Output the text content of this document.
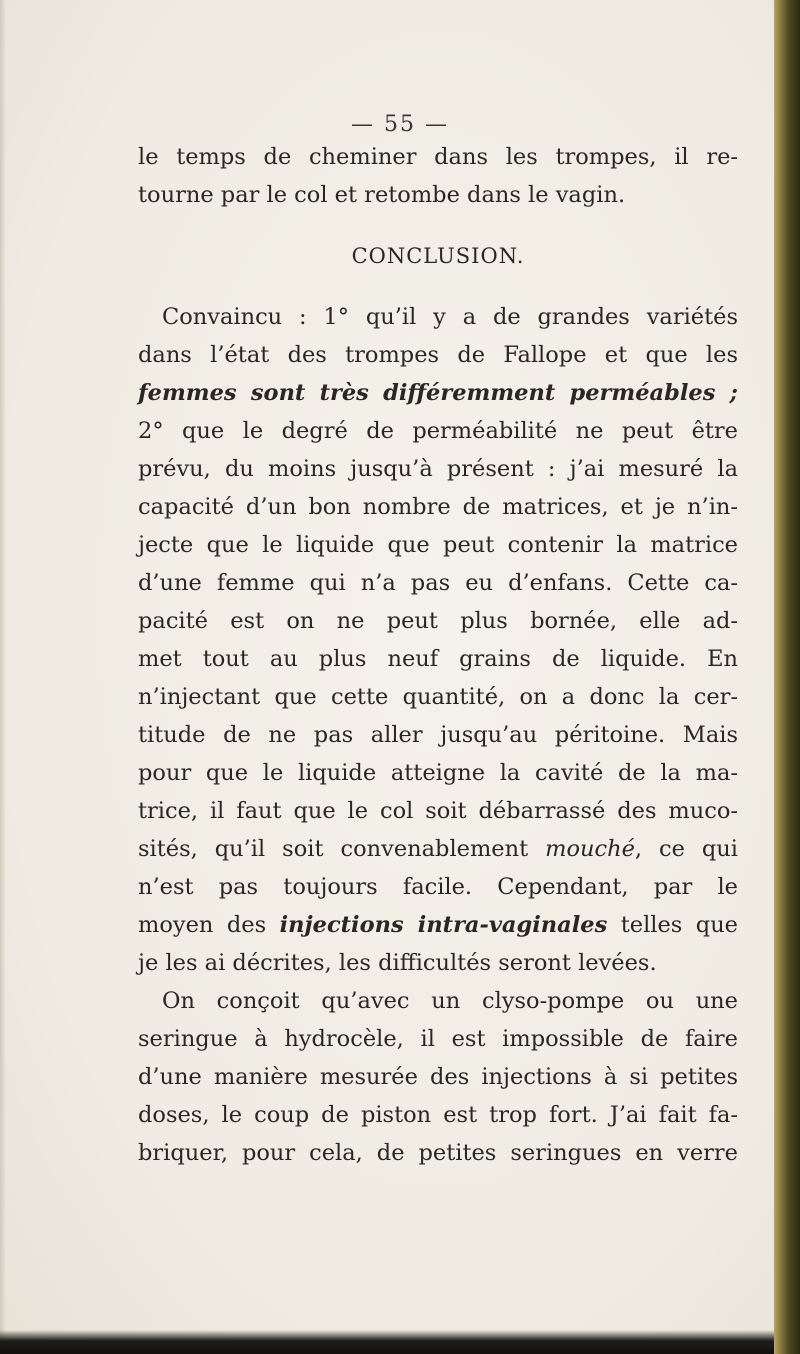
— 55 —
le temps de cheminer dans les trompes, il re-
tourne par le col et retombe dans le vagin.
CONCLUSION.
Convaincu : 1° qu’il y a de grandes variétés
dans l’état des trompes de Fallope et que les
femmes sont très différemment perméables ;
2° que le degré de perméabilité ne peut être
prévu, du moins jusqu’à présent : j’ai mesuré la
capacité d’un bon nombre de matrices, et je n’in-
jecte que le liquide que peut contenir la matrice
d’une femme qui n’a pas eu d’enfans. Cette ca-
pacité est on ne peut plus bornée, elle ad-
met tout au plus neuf grains de liquide. En
n’injectant que cette quantité, on a donc la cer-
titude de ne pas aller jusqu’au péritoine. Mais
pour que le liquide atteigne la cavité de la ma-
trice, il faut que le col soit débarrassé des muco-
sités, qu’il soit convenablement mouché, ce qui
n’est pas toujours facile. Cependant, par le
moyen des injections intra-vaginales telles que
je les ai décrites, les difficultés seront levées.
On conçoit qu’avec un clyso-pompe ou une
seringue à hydrocèle, il est impossible de faire
d’une manière mesurée des injections à si petites
doses, le coup de piston est trop fort. J’ai fait fa-
briquer, pour cela, de petites seringues en verre
